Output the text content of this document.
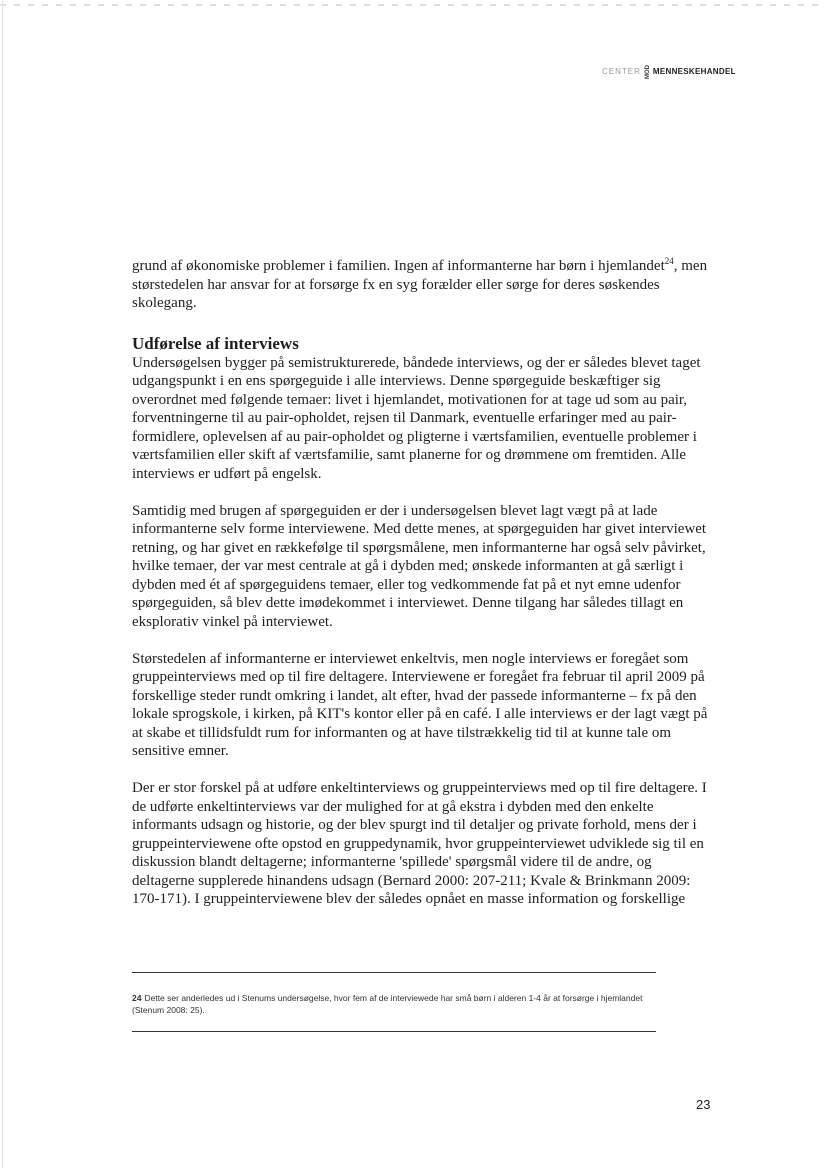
CENTER MOD MENNESKEHANDEL

grund af økonomiske problemer i familien. Ingen af informanterne har børn i hjemlandet$^{24}$, men størstedelen har ansvar for at forsørge fx en syg forælder eller sørge for deres søskendes skolegang.

Udførelse af interviews

Undersøgelsen bygger på semistrukturerede, båndede interviews, og der er således blevet taget udgangspunkt i en ens spørgeguide i alle interviews. Denne spørgeguide beskæftiger sig overordnet med følgende temaer: livet i hjemlandet, motivationen for at tage ud som au pair, forventningerne til au pair-opholdet, rejsen til Danmark, eventuelle erfaringer med au pair-formidlere, oplevelsen af au pair-opholdet og pligterne i værtsfamilien, eventuelle problemer i værtsfamilien eller skift af værtsfamilie, samt planerne for og drømmene om fremtiden. Alle interviews er udført på engelsk.

Samtidig med brugen af spørgeguiden er der i undersøgelsen blevet lagt vægt på at lade informanterne selv forme interviewene. Med dette menes, at spørgeguiden har givet interviewet retning, og har givet en rækkefølge til spørgsmålene, men informanterne har også selv påvirket, hvilke temaer, der var mest centrale at gå i dybden med; ønskede informanten at gå særligt i dybden med ét af spørgeguidens temaer, eller tog vedkommende fat på et nyt emne udenfor spørgeguiden, så blev dette imødekommet i interviewet. Denne tilgang har således tillagt en eksplorativ vinkel på interviewet.

Størstedelen af informanterne er interviewet enkeltvis, men nogle interviews er foregået som gruppeinterviews med op til fire deltagere. Interviewene er foregået fra februar til april 2009 på forskellige steder rundt omkring i landet, alt efter, hvad der passede informanterne – fx på den lokale sprogskole, i kirken, på KIT's kontor eller på en café. I alle interviews er der lagt vægt på at skabe et tillidsfuldt rum for informanten og at have tilstrækkelig tid til at kunne tale om sensitive emner.

Der er stor forskel på at udføre enkeltinterviews og gruppeinterviews med op til fire deltagere. I de udførte enkeltinterviews var der mulighed for at gå ekstra i dybden med den enkelte informants udsagn og historie, og der blev spurgt ind til detaljer og private forhold, mens der i gruppeinterviewene ofte opstod en gruppedynamik, hvor gruppeinterviewet udviklede sig til en diskussion blandt deltagerne; informanterne 'spillede' spørgsmål videre til de andre, og deltagerne supplerede hinandens udsagn (Bernard 2000: 207-211; Kvale & Brinkmann 2009: 170-171). I gruppeinterviewene blev der således opnået en masse information og forskellige

24 Dette ser anderledes ud i Stenums undersøgelse, hvor fem af de interviewede har små børn i alderen 1-4 år at forsørge i hjemlandet (Stenum 2008: 25).
23
